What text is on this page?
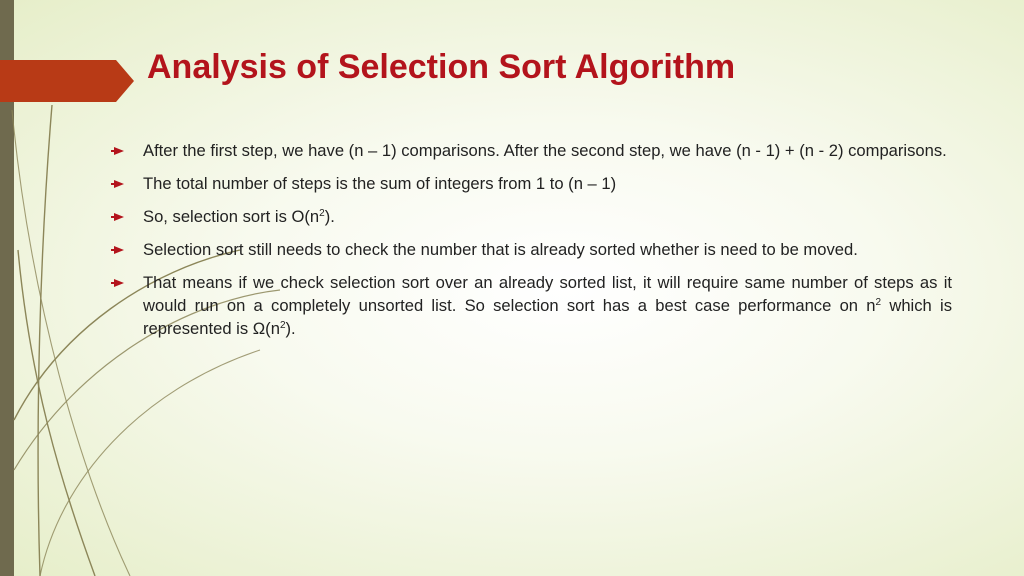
Analysis of Selection Sort Algorithm
After the first step, we have (n – 1) comparisons. After the second step, we have (n - 1) + (n - 2) comparisons.
The total number of steps is the sum of integers from 1 to (n – 1)
So, selection sort is $O(n^2)$.
Selection sort still needs to check the number that is already sorted whether is need to be moved.
That means if we check selection sort over an already sorted list, it will require same number of steps as it would run on a completely unsorted list. So selection sort has a best case performance on $n^2$ which is represented is $\Omega(n^2)$.
